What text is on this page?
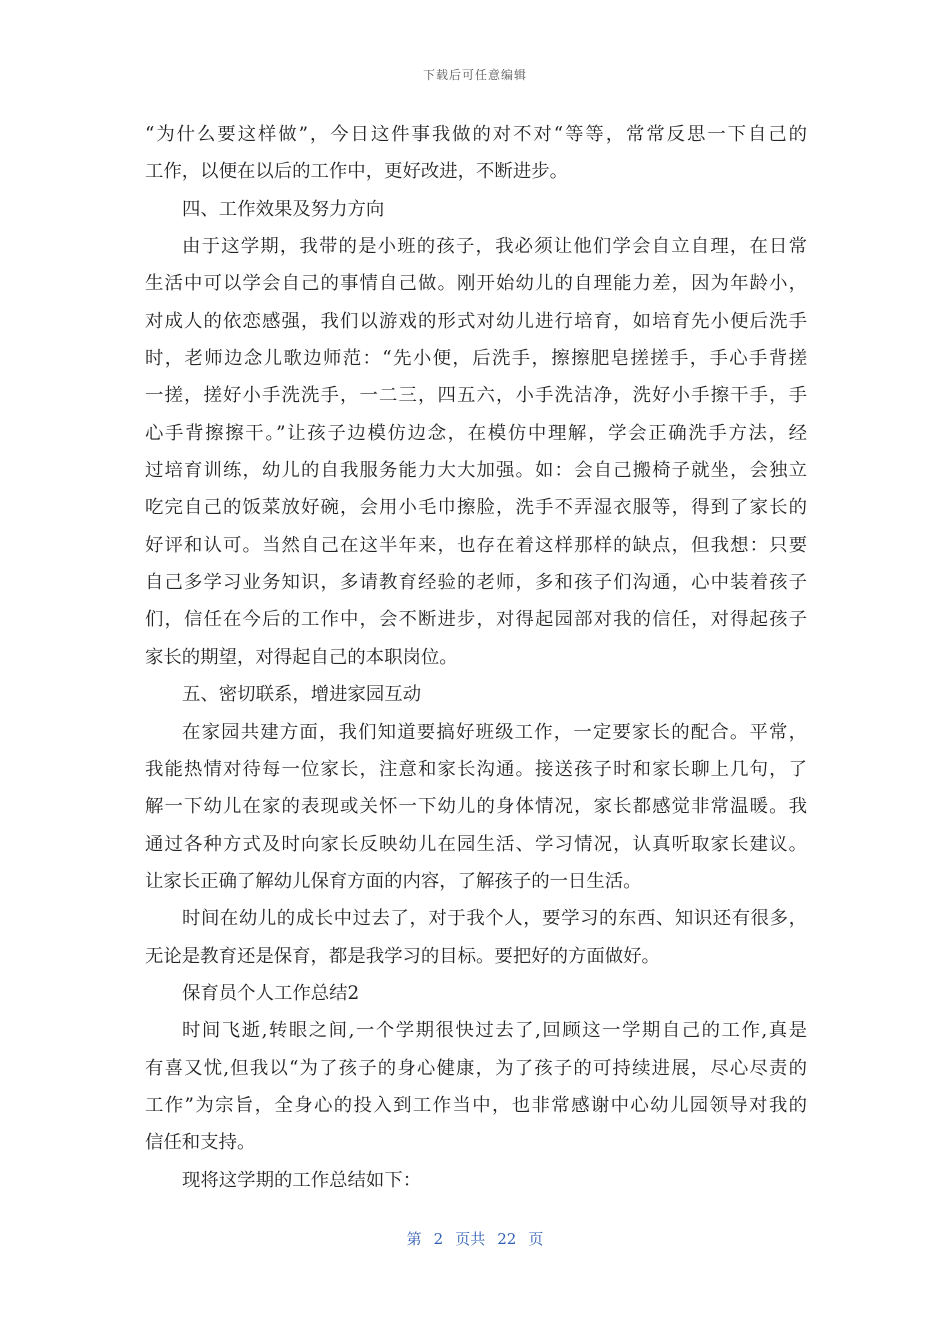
下载后可任意编辑
“为什么要这样做”，今日这件事我做的对不对“等等，常常反思一下自己的
工作，以便在以后的工作中，更好改进，不断进步。
四、工作效果及努力方向
由于这学期，我带的是小班的孩子，我必须让他们学会自立自理，在日常
生活中可以学会自己的事情自己做。刚开始幼儿的自理能力差，因为年龄小，
对成人的依恋感强，我们以游戏的形式对幼儿进行培育，如培育先小便后洗手
时，老师边念儿歌边师范：“先小便，后洗手，擦擦肥皂搓搓手，手心手背搓
一搓，搓好小手洗洗手，一二三，四五六，小手洗洁净，洗好小手擦干手，手
心手背擦擦干。”让孩子边模仿边念，在模仿中理解，学会正确洗手方法，经
过培育训练，幼儿的自我服务能力大大加强。如：会自己搬椅子就坐，会独立
吃完自己的饭菜放好碗，会用小毛巾擦脸，洗手不弄湿衣服等，得到了家长的
好评和认可。当然自己在这半年来，也存在着这样那样的缺点，但我想：只要
自己多学习业务知识，多请教育经验的老师，多和孩子们沟通，心中装着孩子
们，信任在今后的工作中，会不断进步，对得起园部对我的信任，对得起孩子
家长的期望，对得起自己的本职岗位。
五、密切联系，增进家园互动
在家园共建方面，我们知道要搞好班级工作，一定要家长的配合。平常，
我能热情对待每一位家长，注意和家长沟通。接送孩子时和家长聊上几句，了
解一下幼儿在家的表现或关怀一下幼儿的身体情况，家长都感觉非常温暖。我
通过各种方式及时向家长反映幼儿在园生活、学习情况，认真听取家长建议。
让家长正确了解幼儿保育方面的内容，了解孩子的一日生活。
时间在幼儿的成长中过去了，对于我个人，要学习的东西、知识还有很多，
无论是教育还是保育，都是我学习的目标。要把好的方面做好。
保育员个人工作总结2
时间飞逝,转眼之间,一个学期很快过去了,回顾这一学期自己的工作,真是
有喜又忧,但我以“为了孩子的身心健康，为了孩子的可持续进展，尽心尽责的
工作”为宗旨，全身心的投入到工作当中，也非常感谢中心幼儿园领导对我的
信任和支持。
现将这学期的工作总结如下：
第 2 页共 22 页
